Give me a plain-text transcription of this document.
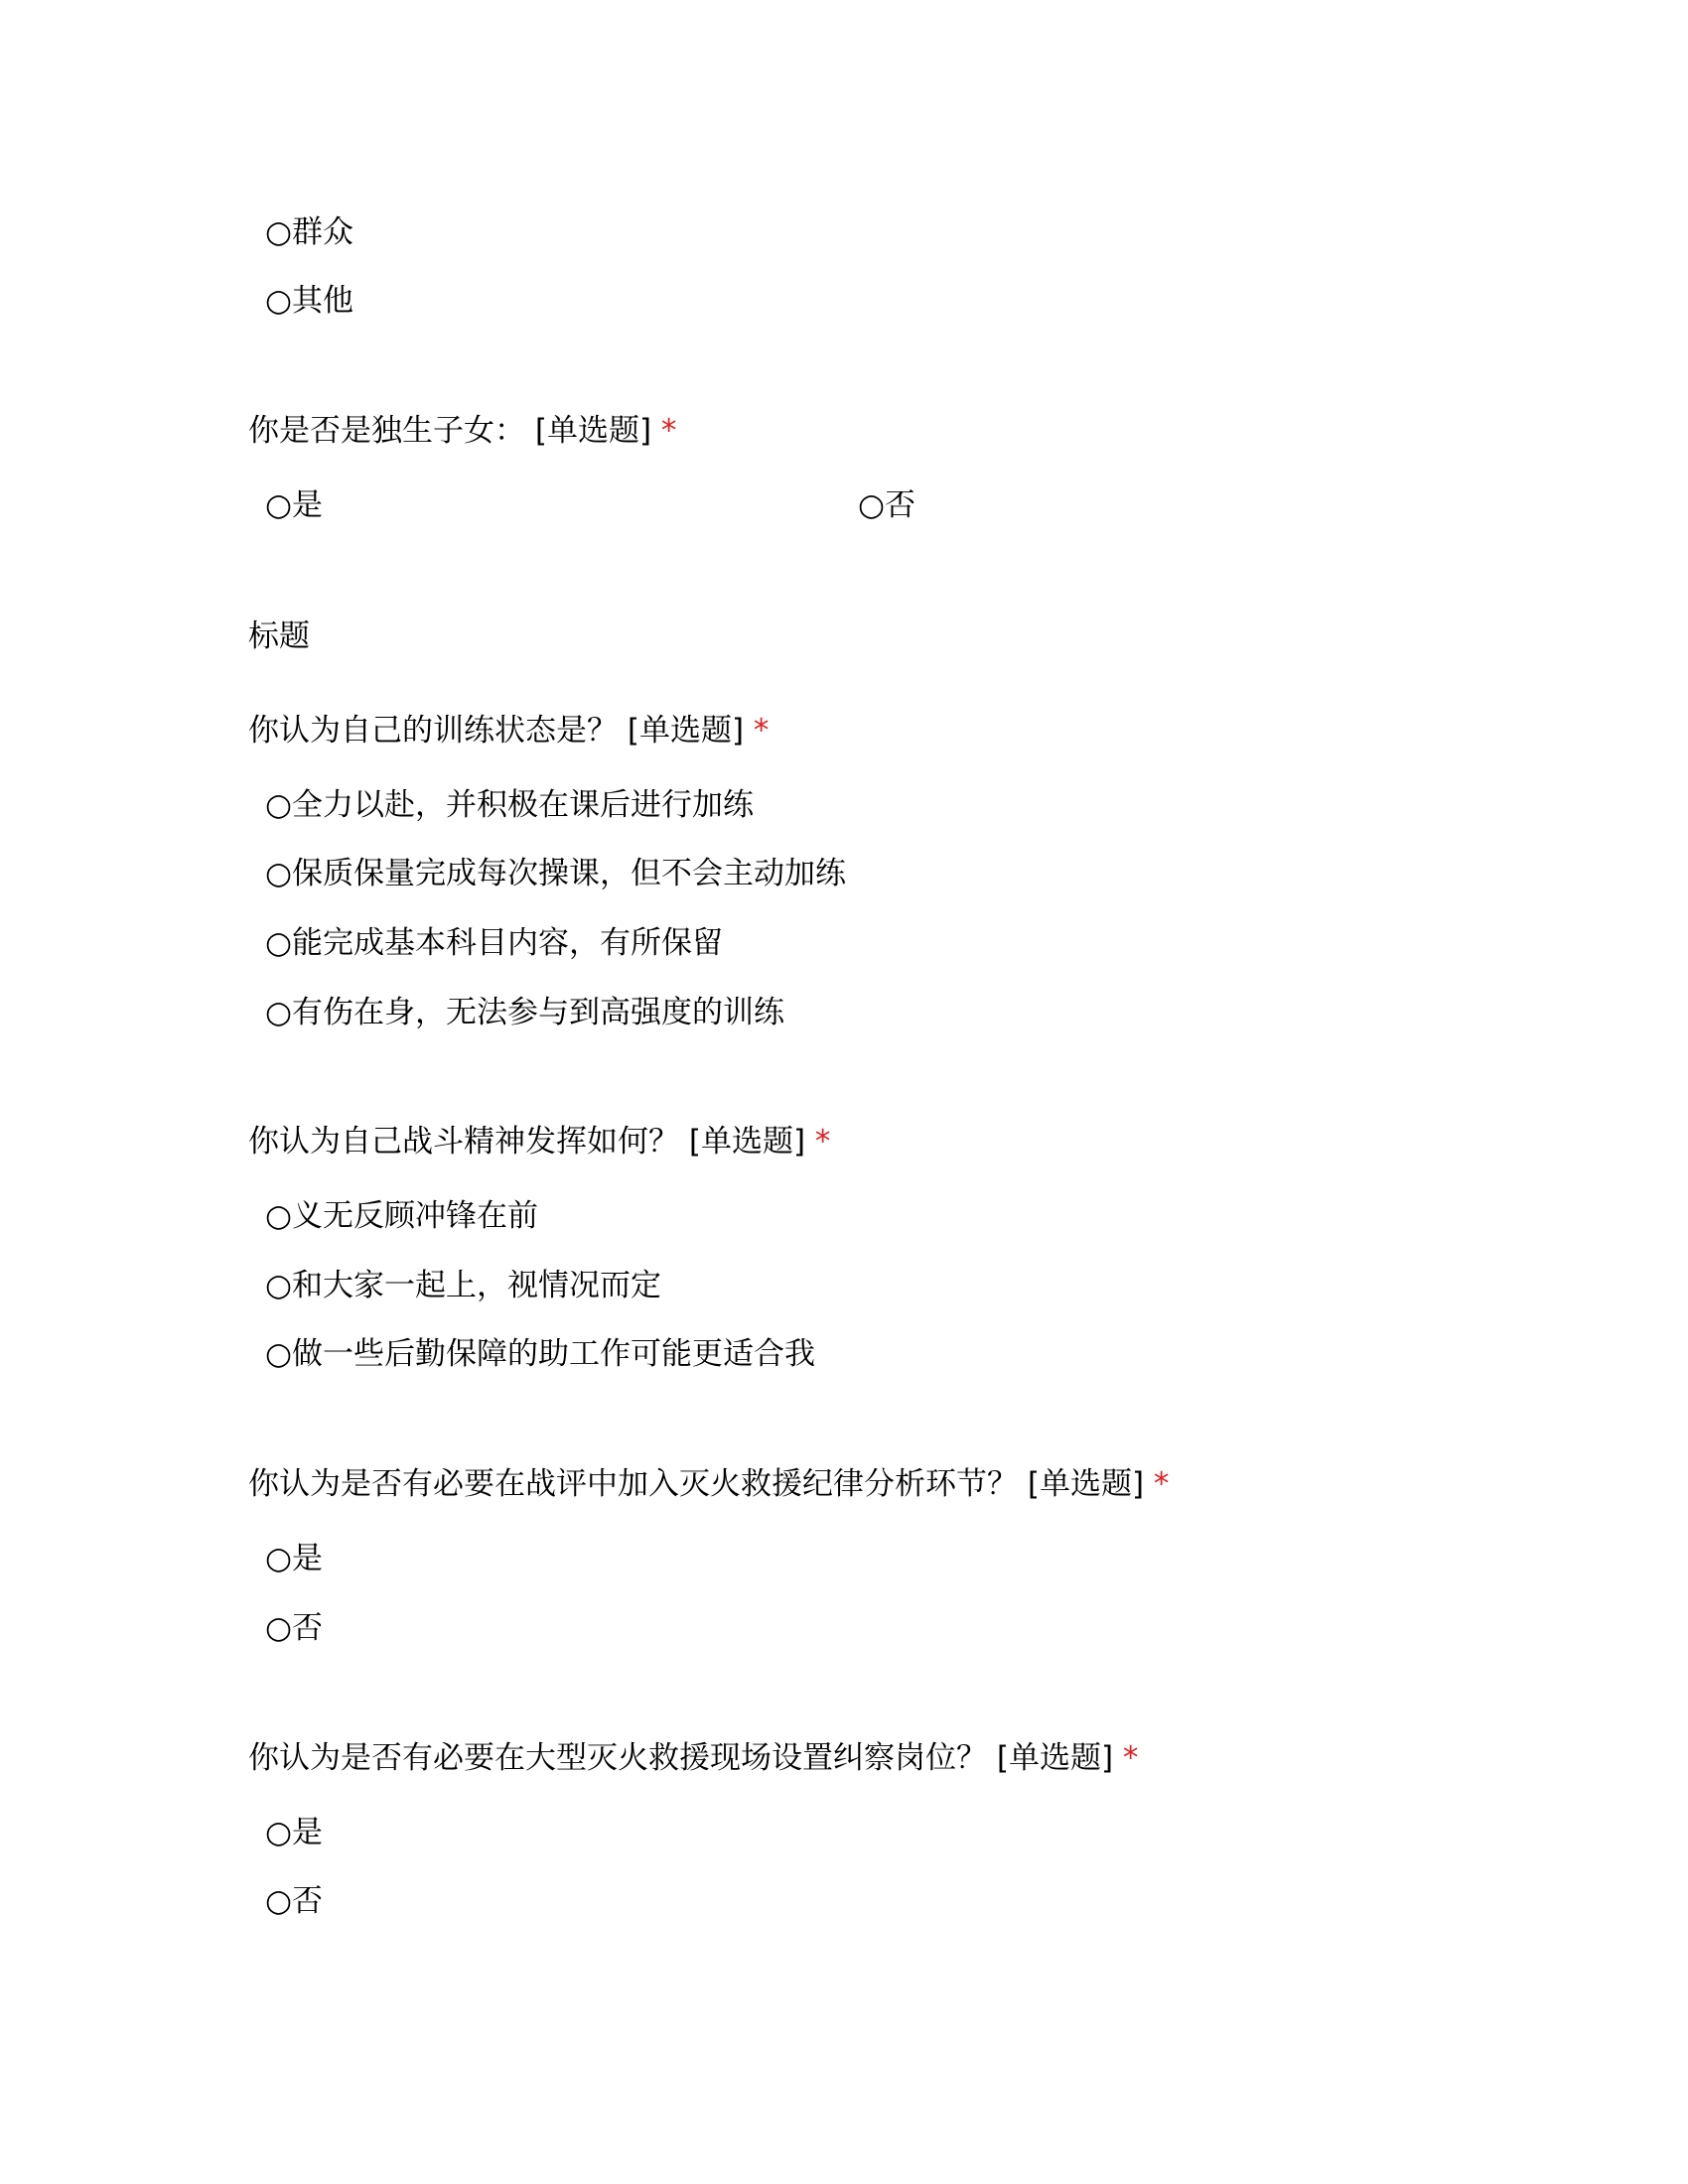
○群众
○其他
你是否是独生子女： [单选题] *
○是	○否
标题
你认为自己的训练状态是？ [单选题] *
○全力以赴，并积极在课后进行加练
○保质保量完成每次操课，但不会主动加练
○能完成基本科目内容，有所保留
○有伤在身，无法参与到高强度的训练
你认为自己战斗精神发挥如何？ [单选题] *
○义无反顾冲锋在前
○和大家一起上，视情况而定
○做一些后勤保障的助工作可能更适合我
你认为是否有必要在战评中加入灭火救援纪律分析环节？ [单选题] *
○是
○否
你认为是否有必要在大型灭火救援现场设置纠察岗位？ [单选题] *
○是
○否
